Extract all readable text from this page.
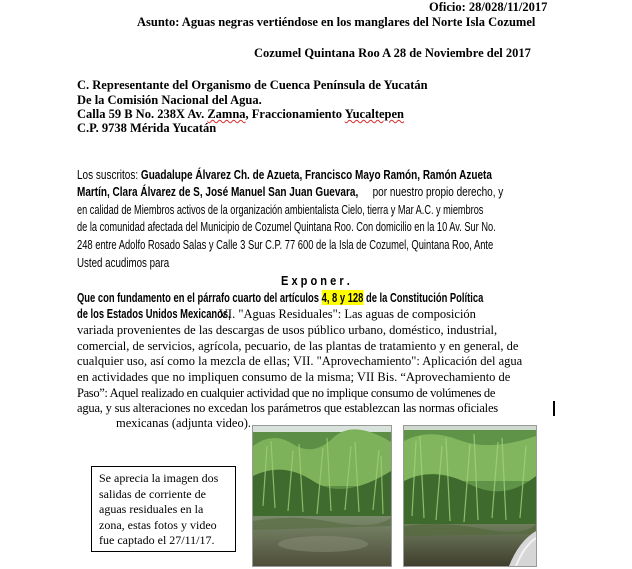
Oficio: 28/028/11/2017
Asunto: Aguas negras vertiéndose en los manglares del Norte Isla Cozumel
Cozumel Quintana Roo A 28 de Noviembre del 2017
C. Representante del Organismo de Cuenca Península de Yucatán
De la Comisión Nacional del Agua.
Calla 59 B No. 238X Av. Zamna, Fraccionamiento Yucaltepen
C.P. 9738 Mérida Yucatán
Los suscritos: Guadalupe Álvarez Ch. de Azueta, Francisco Mayo Ramón, Ramón Azueta
Martín, Clara Álvarez de S, José Manuel San Juan Guevara, por nuestro propio derecho, y
en calidad de Miembros activos de la organización ambientalista Cielo, tierra y Mar A.C. y miembros
de la comunidad afectada del Municipio de Cozumel Quintana Roo. Con domicilio en la 10 Av. Sur No.
248 entre Adolfo Rosado Salas y Calle 3 Sur C.P. 77 600 de la Isla de Cozumel, Quintana Roo, Ante
Usted acudimos para
E x p o n e r .
Que con fundamento en el párrafo cuarto del artículos 4, 8 y 128 de la Constitución Política
de los Estados Unidos Mexicanos, VI. "Aguas Residuales": Las aguas de composición
variada provenientes de las descargas de usos público urbano, doméstico, industrial,
comercial, de servicios, agrícola, pecuario, de las plantas de tratamiento y en general, de
cualquier uso, así como la mezcla de ellas; VII. "Aprovechamiento": Aplicación del agua
en actividades que no impliquen consumo de la misma; VII Bis. “Aprovechamiento de
Paso”: Aquel realizado en cualquier actividad que no implique consumo de volúmenes de
agua, y sus alteraciones no excedan los parámetros que establezcan las normas oficiales
mexicanas (adjunta video).
Se aprecia la imagen dos
salidas de corriente de
aguas residuales en la
zona, estas fotos y video
fue captado el 27/11/17.
